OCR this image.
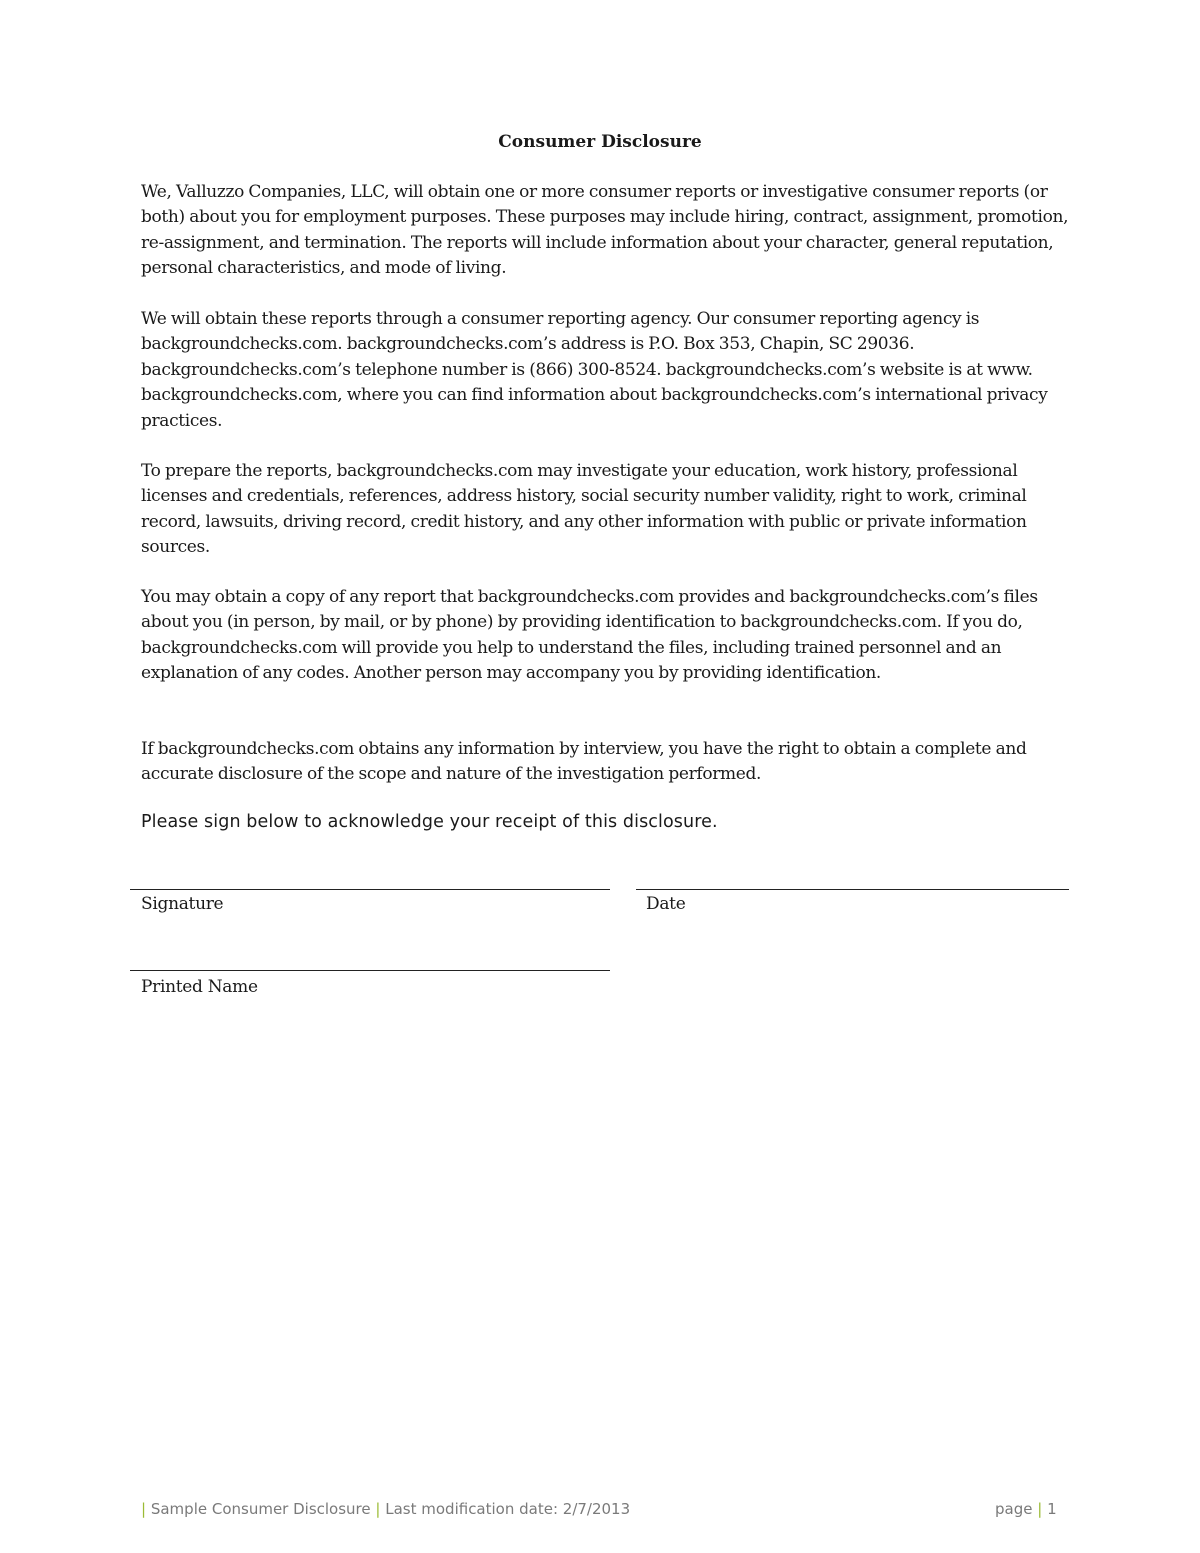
Consumer Disclosure

We, Valluzzo Companies, LLC, will obtain one or more consumer reports or investigative consumer reports (or both) about you for employment purposes. These purposes may include hiring, contract, assignment, promotion, re-assignment, and termination. The reports will include information about your character, general reputation, personal characteristics, and mode of living.

We will obtain these reports through a consumer reporting agency. Our consumer reporting agency is backgroundchecks.com. backgroundchecks.com’s address is P.O. Box 353, Chapin, SC 29036. backgroundchecks.com’s telephone number is (866) 300-8524. backgroundchecks.com’s website is at www. backgroundchecks.com, where you can find information about backgroundchecks.com’s international privacy practices.

To prepare the reports, backgroundchecks.com may investigate your education, work history, professional licenses and credentials, references, address history, social security number validity, right to work, criminal record, lawsuits, driving record, credit history, and any other information with public or private information sources.

You may obtain a copy of any report that backgroundchecks.com provides and backgroundchecks.com’s files about you (in person, by mail, or by phone) by providing identification to backgroundchecks.com. If you do, backgroundchecks.com will provide you help to understand the files, including trained personnel and an explanation of any codes. Another person may accompany you by providing identification.

If backgroundchecks.com obtains any information by interview, you have the right to obtain a complete and accurate disclosure of the scope and nature of the investigation performed.

Please sign below to acknowledge your receipt of this disclosure.

Signature	Date
Printed Name
| Sample Consumer Disclosure | Last modification date: 2/7/2013	page | 1
